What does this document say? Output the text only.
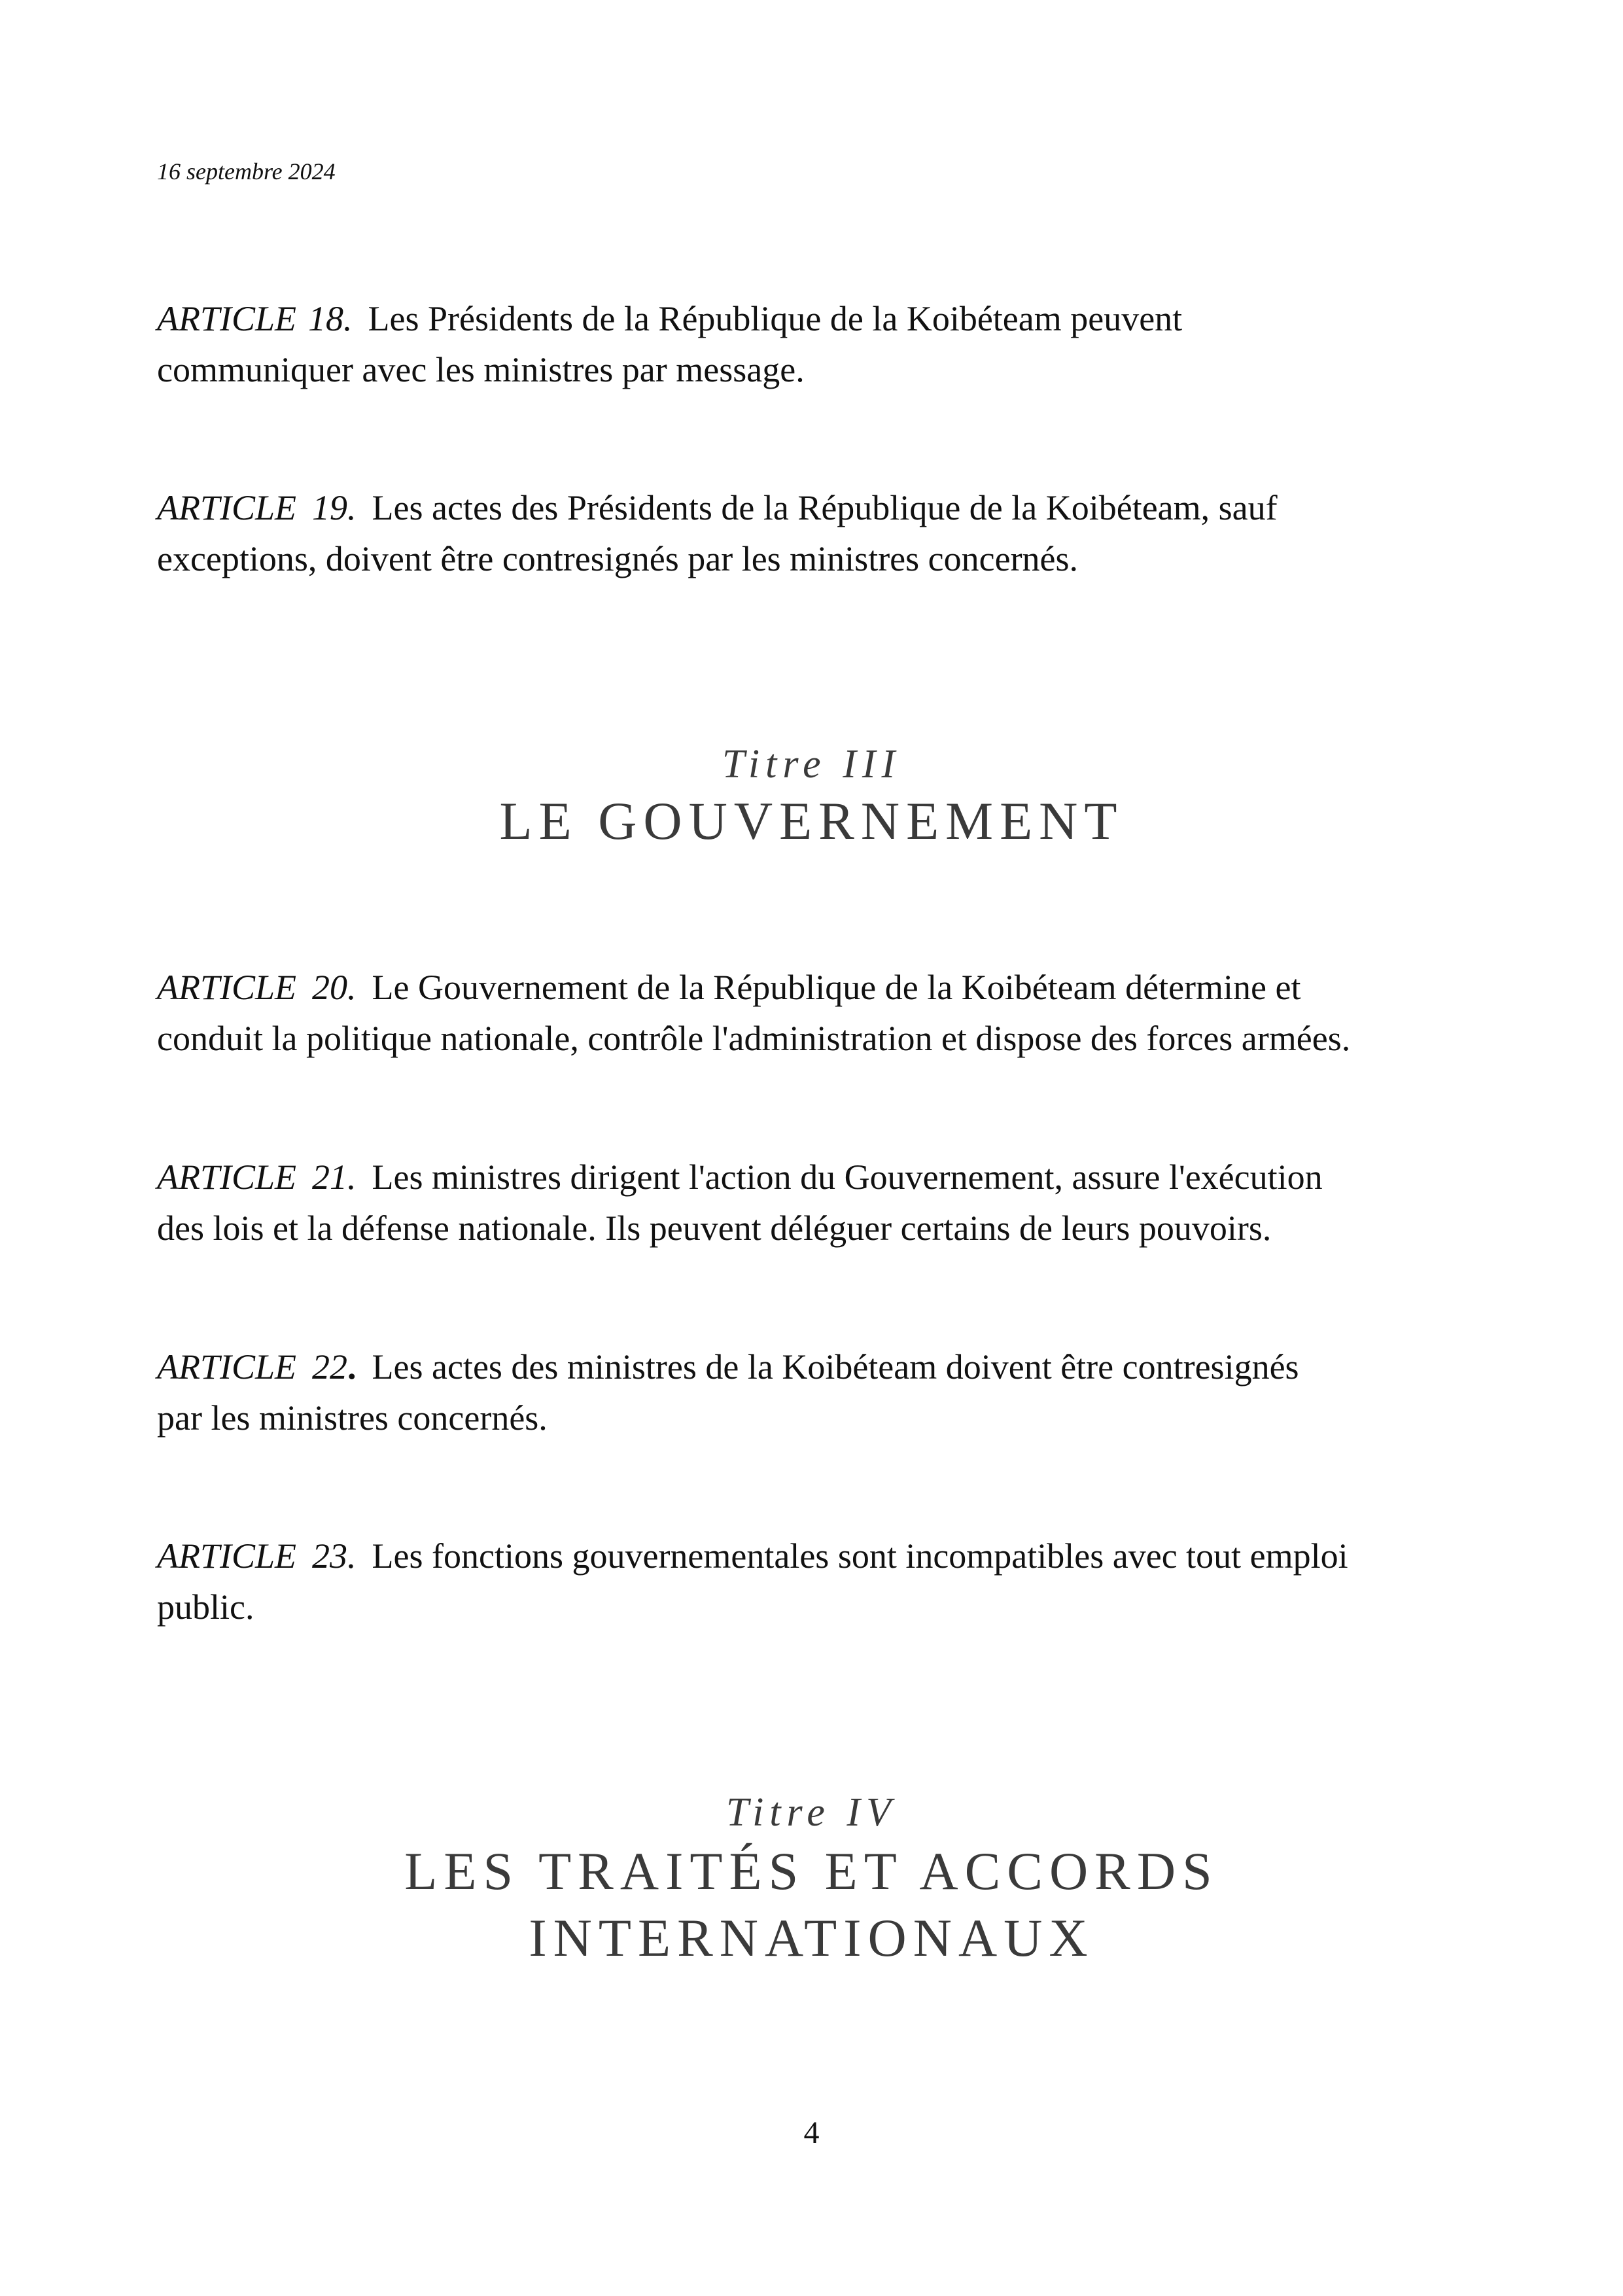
16 septembre 2024
ARTICLE 18. Les Présidents de la République de la Koibéteam peuvent
communiquer avec les ministres par message.
ARTICLE 19. Les actes des Présidents de la République de la Koibéteam, sauf
exceptions, doivent être contresignés par les ministres concernés.
Titre III
LE GOUVERNEMENT
ARTICLE 20. Le Gouvernement de la République de la Koibéteam détermine et
conduit la politique nationale, contrôle l'administration et dispose des forces armées.
ARTICLE 21. Les ministres dirigent l'action du Gouvernement, assure l'exécution
des lois et la défense nationale. Ils peuvent déléguer certains de leurs pouvoirs.
ARTICLE 22 . Les actes des ministres de la Koibéteam doivent être contresignés
par les ministres concernés.
ARTICLE 23. Les fonctions gouvernementales sont incompatibles avec tout emploi
public.
Titre IV
LES TRAITÉS ET ACCORDS
INTERNATIONAUX
4
